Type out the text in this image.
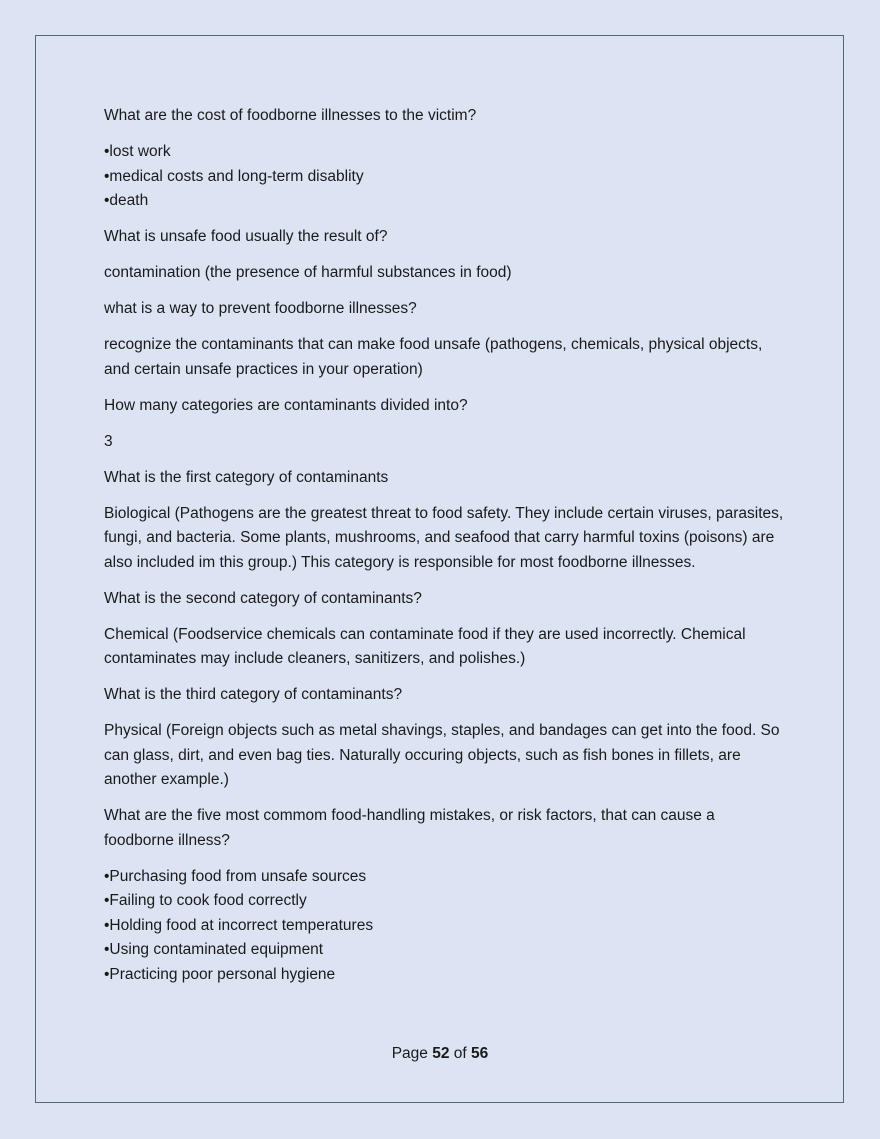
What are the cost of foodborne illnesses to the victim?

•lost work
•medical costs and long-term disablity
•death

What is unsafe food usually the result of?

contamination (the presence of harmful substances in food)

what is a way to prevent foodborne illnesses?

recognize the contaminants that can make food unsafe (pathogens, chemicals, physical objects, and certain unsafe practices in your operation)

How many categories are contaminants divided into?

3

What is the first category of contaminants

Biological (Pathogens are the greatest threat to food safety. They include certain viruses, parasites, fungi, and bacteria. Some plants, mushrooms, and seafood that carry harmful toxins (poisons) are also included im this group.) This category is responsible for most foodborne illnesses.

What is the second category of contaminants?

Chemical (Foodservice chemicals can contaminate food if they are used incorrectly. Chemical contaminates may include cleaners, sanitizers, and polishes.)

What is the third category of contaminants?

Physical (Foreign objects such as metal shavings, staples, and bandages can get into the food. So can glass, dirt, and even bag ties. Naturally occuring objects, such as fish bones in fillets, are another example.)

What are the five most commom food-handling mistakes, or risk factors, that can cause a foodborne illness?

•Purchasing food from unsafe sources
•Failing to cook food correctly
•Holding food at incorrect temperatures
•Using contaminated equipment
•Practicing poor personal hygiene
Page 52 of 56
